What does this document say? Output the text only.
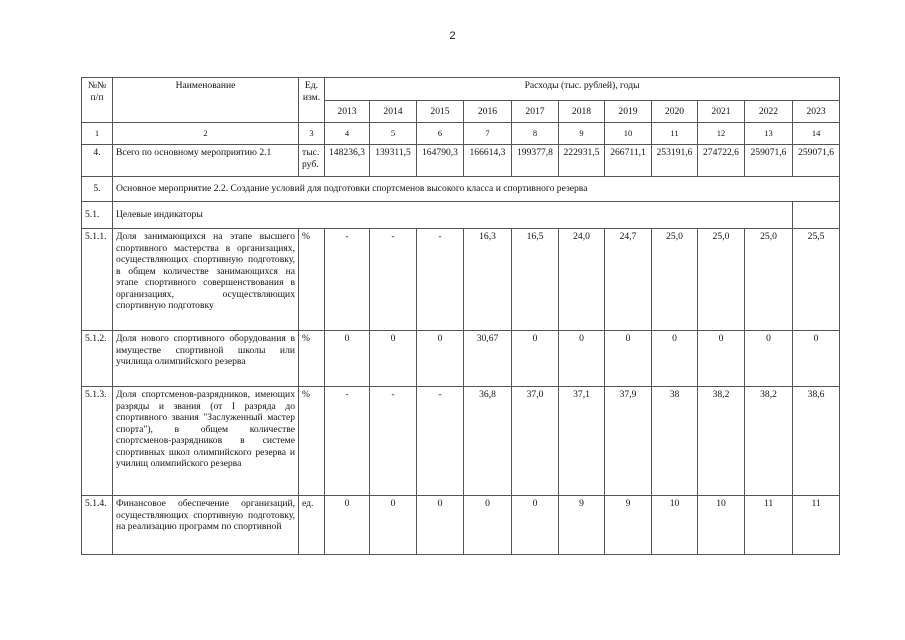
2
№№ п/п	Наименование	Ед. изм.	Расходы (тыс. рублей), годы										
			2013	2014	2015	2016	2017	2018	2019	2020	2021	2022	2023
1	2	3	4	5	6	7	8	9	10	11	12	13	14
4.	Всего по основному мероприятию 2.1	тыс. руб.	148236,3	139311,5	164790,3	166614,3	199377,8	222931,5	266711,1	253191,6	274722,6	259071,6	259071,6
5.	Основное мероприятие 2.2. Создание условий для подготовки спортсменов высокого класса и спортивного резерва												
5.1.	Целевые индикаторы												
5.1.1.	Доля занимающихся на этапе высшего спортивного мастерства в организациях, осуществляющих спортивную подготовку, в общем количестве занимающихся на этапе спортивного совершенствования в организациях, осуществляющих спортивную подготовку	%	-	-	-	16,3	16,5	24,0	24,7	25,0	25,0	25,0	25,5
5.1.2.	Доля нового спортивного оборудования в имуществе спортивной школы или училища олимпийского резерва	%	0	0	0	30,67	0	0	0	0	0	0	0
5.1.3.	Доля спортсменов-разрядников, имеющих разряды и звания (от I разряда до спортивного звания "Заслуженный мастер спорта"), в общем количестве спортсменов-разрядников в системе спортивных школ олимпийского резерва и училищ олимпийского резерва	%	-	-	-	36,8	37,0	37,1	37,9	38	38,2	38,2	38,6
5.1.4.	Финансовое обеспечение организаций, осуществляющих спортивную подготовку, на реализацию программ по спортивной	ед.	0	0	0	0	0	9	9	10	10	11	11
